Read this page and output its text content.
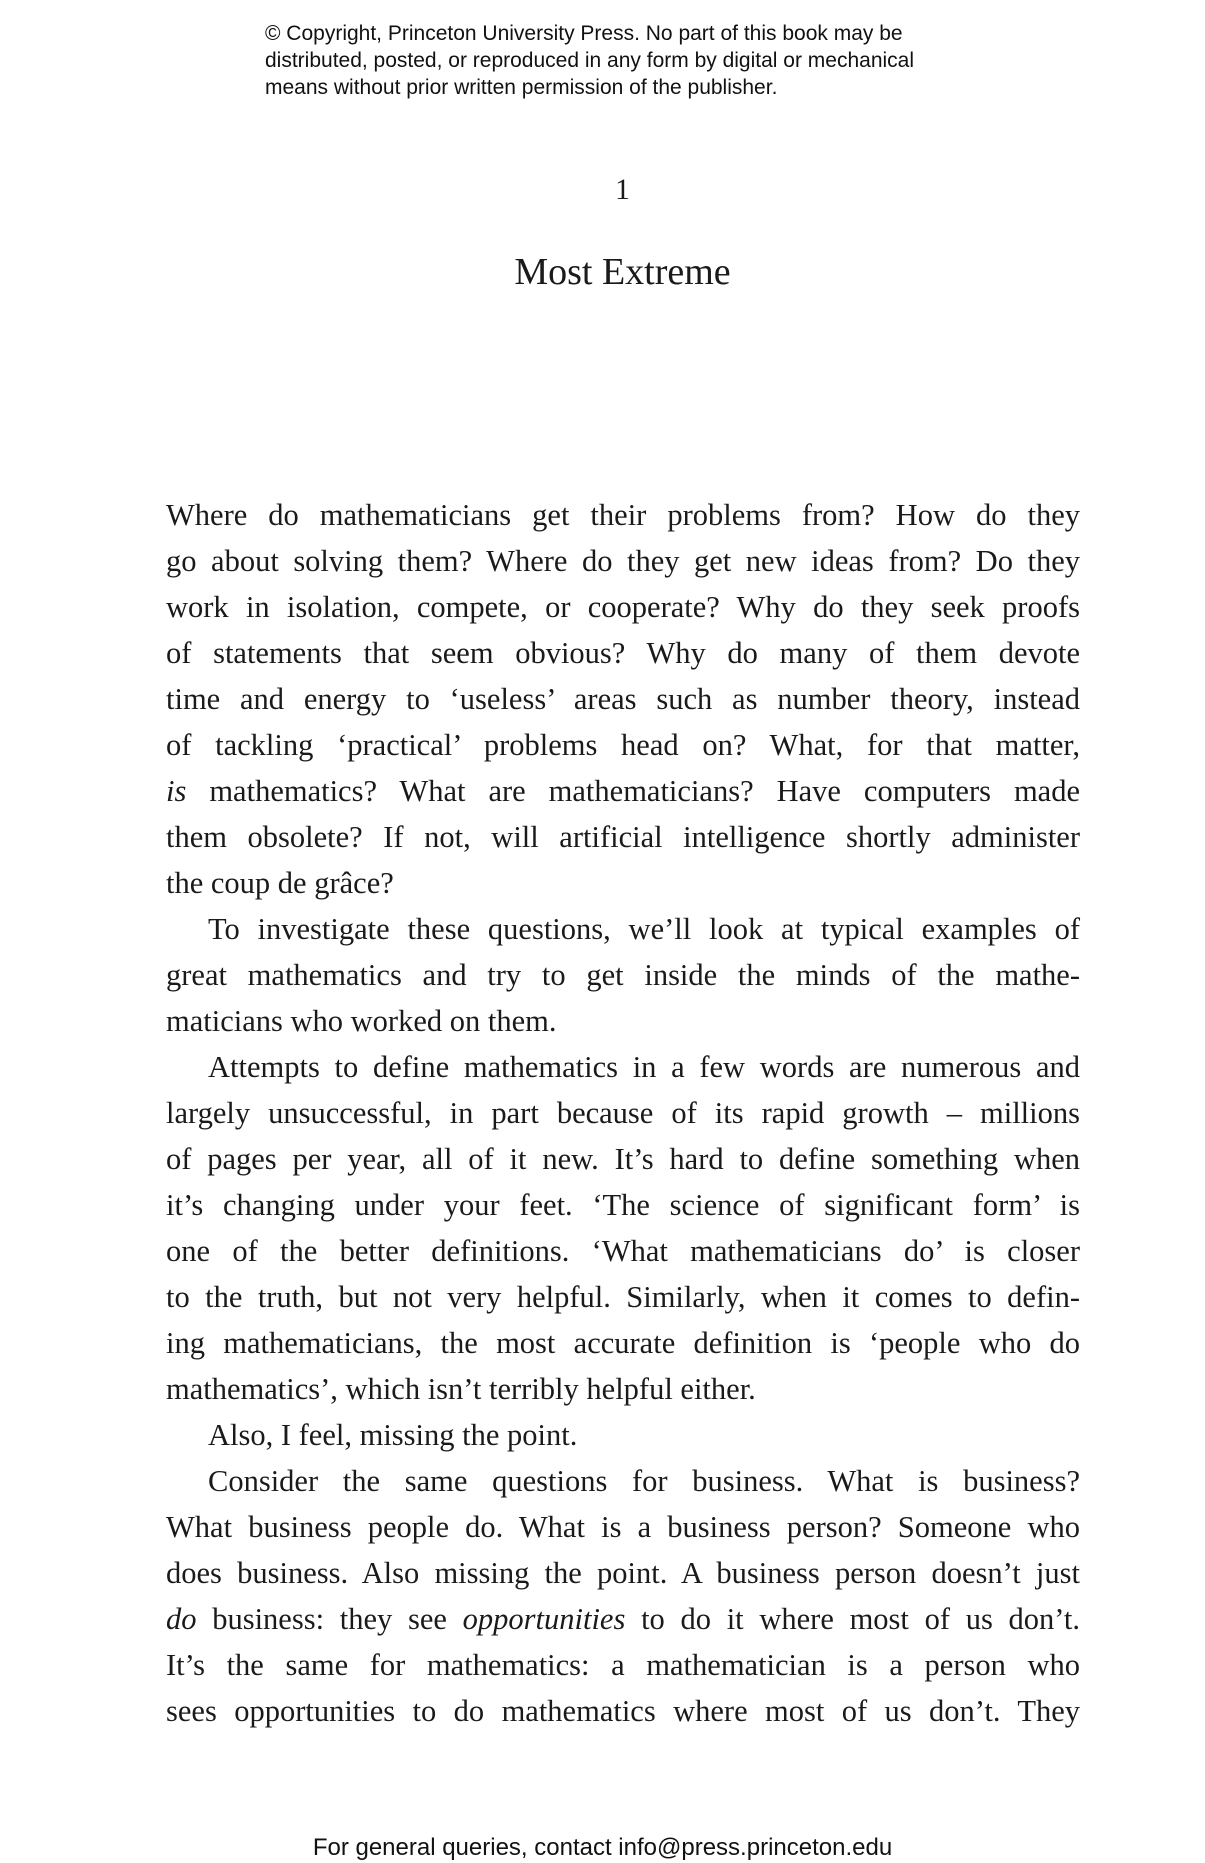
© Copyright, Princeton University Press. No part of this book may be
distributed, posted, or reproduced in any form by digital or mechanical
means without prior written permission of the publisher.
1
Most Extreme
Where do mathematicians get their problems from? How do they
go about solving them? Where do they get new ideas from? Do they
work in isolation, compete, or cooperate? Why do they seek proofs
of statements that seem obvious? Why do many of them devote
time and energy to ‘useless’ areas such as number theory, instead
of tackling ‘practical’ problems head on? What, for that matter,
is mathematics? What are mathematicians? Have computers made
them obsolete? If not, will artificial intelligence shortly administer
the coup de grâce?
To investigate these questions, we’ll look at typical examples of
great mathematics and try to get inside the minds of the mathe-
maticians who worked on them.
Attempts to define mathematics in a few words are numerous and
largely unsuccessful, in part because of its rapid growth – millions
of pages per year, all of it new. It’s hard to define something when
it’s changing under your feet. ‘The science of significant form’ is
one of the better definitions. ‘What mathematicians do’ is closer
to the truth, but not very helpful. Similarly, when it comes to defin-
ing mathematicians, the most accurate definition is ‘people who do
mathematics’, which isn’t terribly helpful either.
Also, I feel, missing the point.
Consider the same questions for business. What is business?
What business people do. What is a business person? Someone who
does business. Also missing the point. A business person doesn’t just
do business: they see opportunities to do it where most of us don’t.
It’s the same for mathematics: a mathematician is a person who
sees opportunities to do mathematics where most of us don’t. They
For general queries, contact info@press.princeton.edu
